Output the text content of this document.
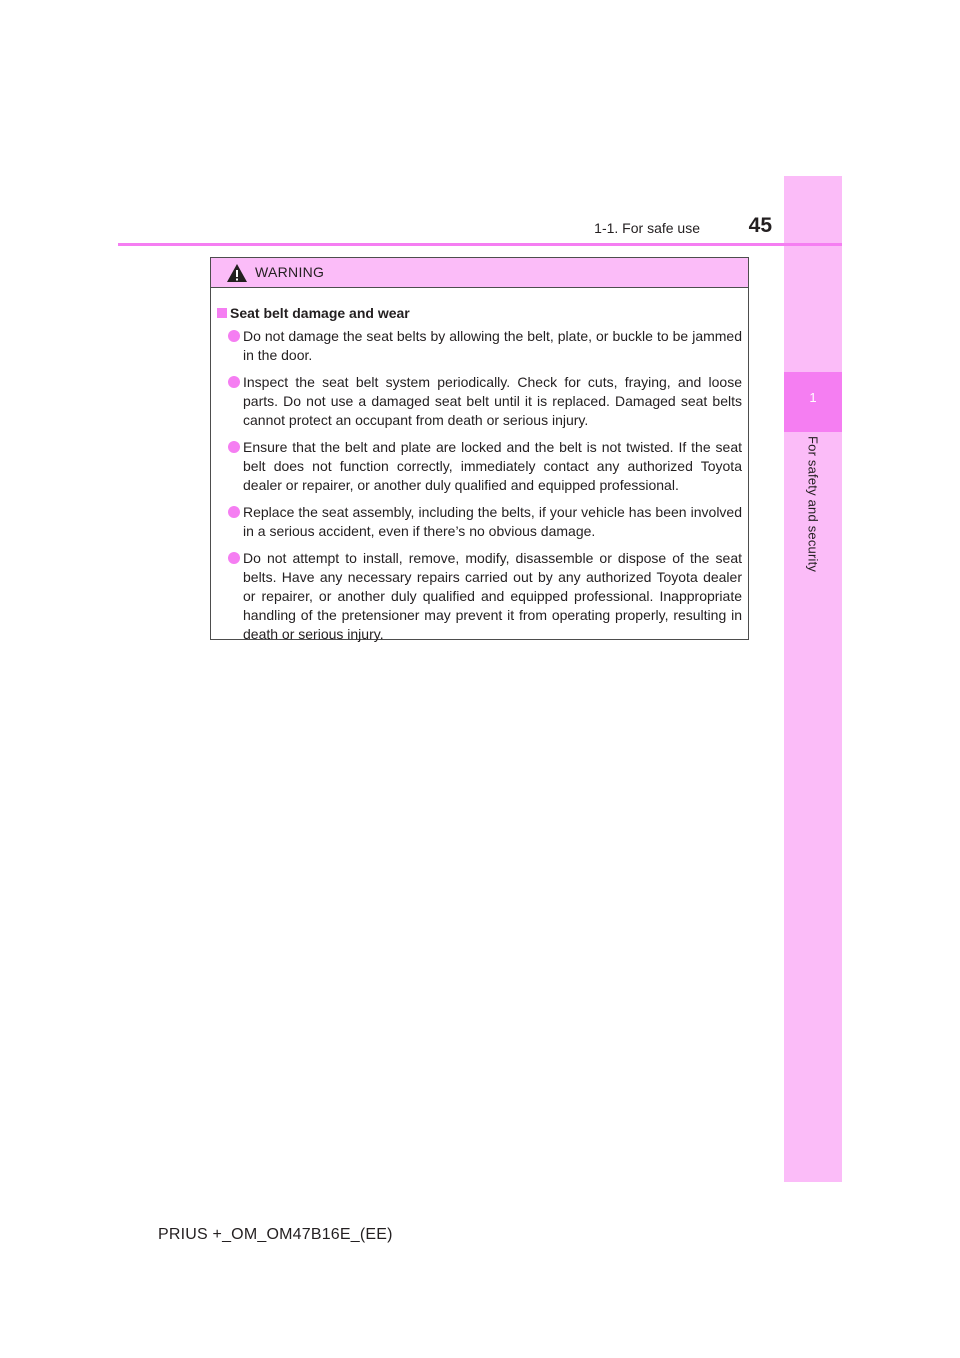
1
For safety and security
1-1. For safe use	45
WARNING
Seat belt damage and wear
Do not damage the seat belts by allowing the belt, plate, or buckle to be jammed in the door.
Inspect the seat belt system periodically. Check for cuts, fraying, and loose parts. Do not use a damaged seat belt until it is replaced. Damaged seat belts cannot protect an occupant from death or serious injury.
Ensure that the belt and plate are locked and the belt is not twisted. If the seat belt does not function correctly, immediately contact any authorized Toyota dealer or repairer, or another duly qualified and equipped professional.
Replace the seat assembly, including the belts, if your vehicle has been involved in a serious accident, even if there’s no obvious damage.
Do not attempt to install, remove, modify, disassemble or dispose of the seat belts. Have any necessary repairs carried out by any authorized Toyota dealer or repairer, or another duly qualified and equipped professional. Inappropriate handling of the pretensioner may prevent it from operating properly, resulting in death or serious injury.
PRIUS +_OM_OM47B16E_(EE)
